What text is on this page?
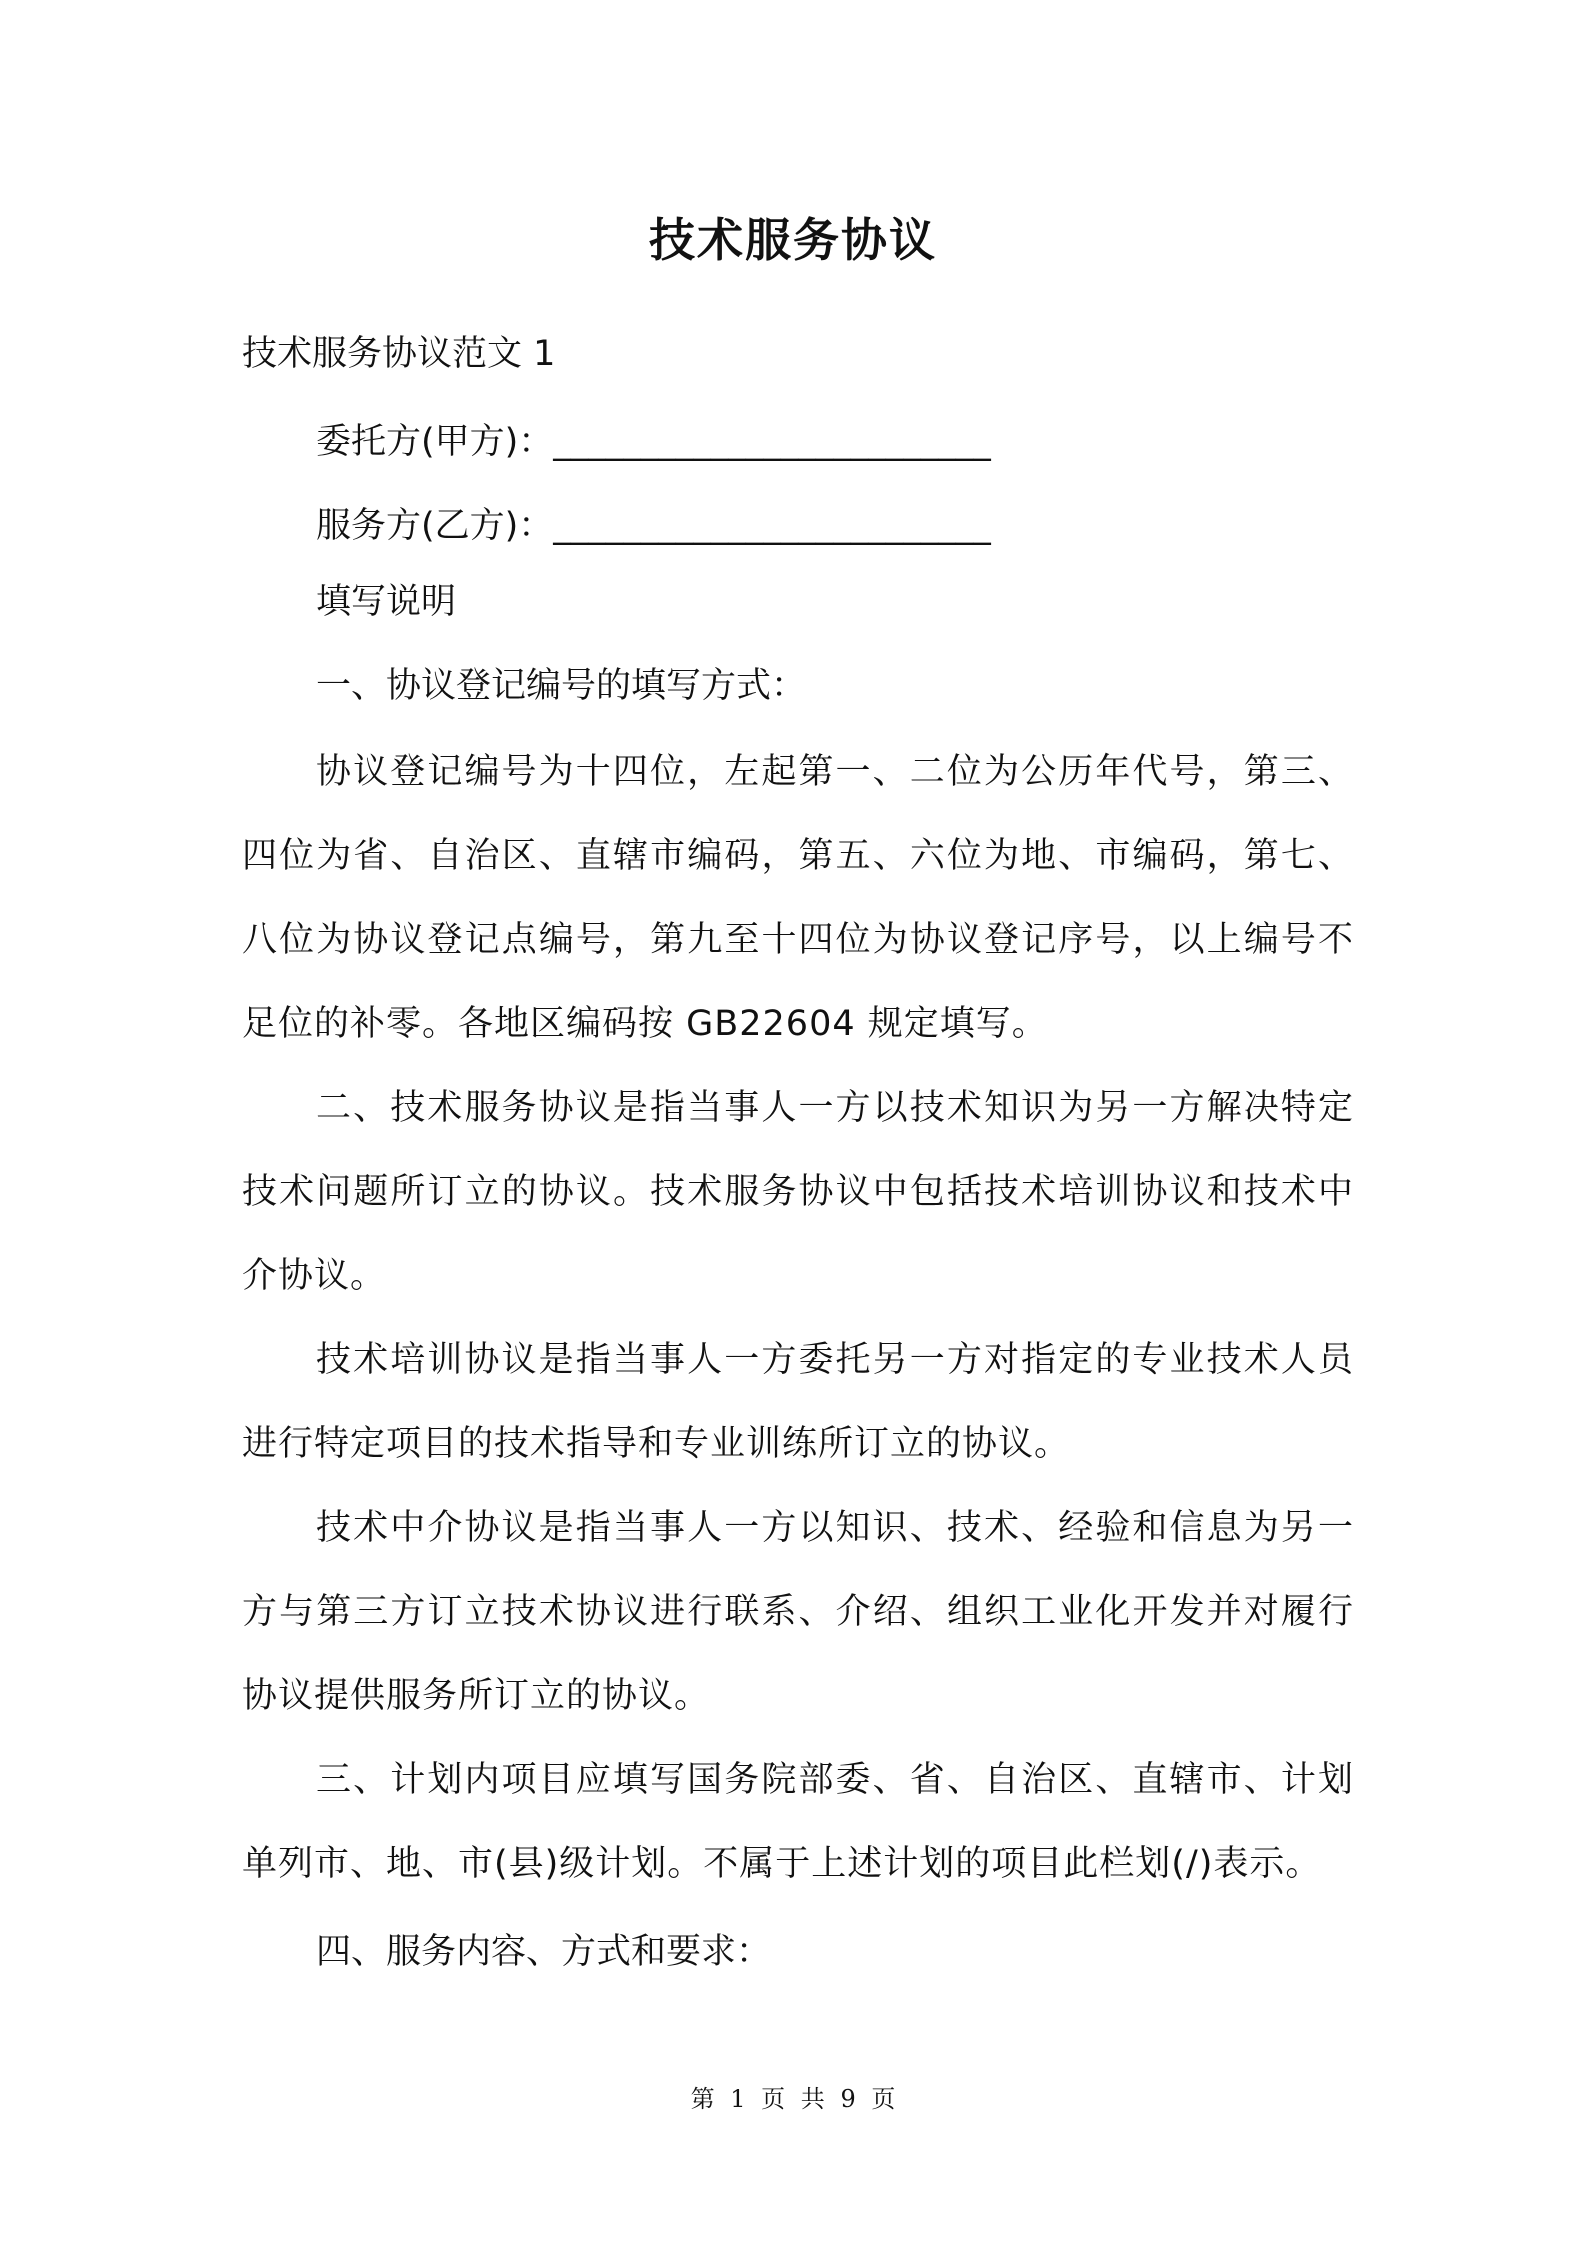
技术服务协议
技术服务协议范文 1
委托方(甲方)：_________________________
服务方(乙方)：_________________________
填写说明
一、协议登记编号的填写方式：
协议登记编号为十四位，左起第一、二位为公历年代号，第三、四位为省、自治区、直辖市编码，第五、六位为地、市编码，第七、八位为协议登记点编号，第九至十四位为协议登记序号，以上编号不足位的补零。各地区编码按 GB22604 规定填写。
二、技术服务协议是指当事人一方以技术知识为另一方解决特定技术问题所订立的协议。技术服务协议中包括技术培训协议和技术中介协议。
技术培训协议是指当事人一方委托另一方对指定的专业技术人员进行特定项目的技术指导和专业训练所订立的协议。
技术中介协议是指当事人一方以知识、技术、经验和信息为另一方与第三方订立技术协议进行联系、介绍、组织工业化开发并对履行协议提供服务所订立的协议。
三、计划内项目应填写国务院部委、省、自治区、直辖市、计划单列市、地、市(县)级计划。不属于上述计划的项目此栏划(/)表示。
四、服务内容、方式和要求：
第 1 页 共 9 页
